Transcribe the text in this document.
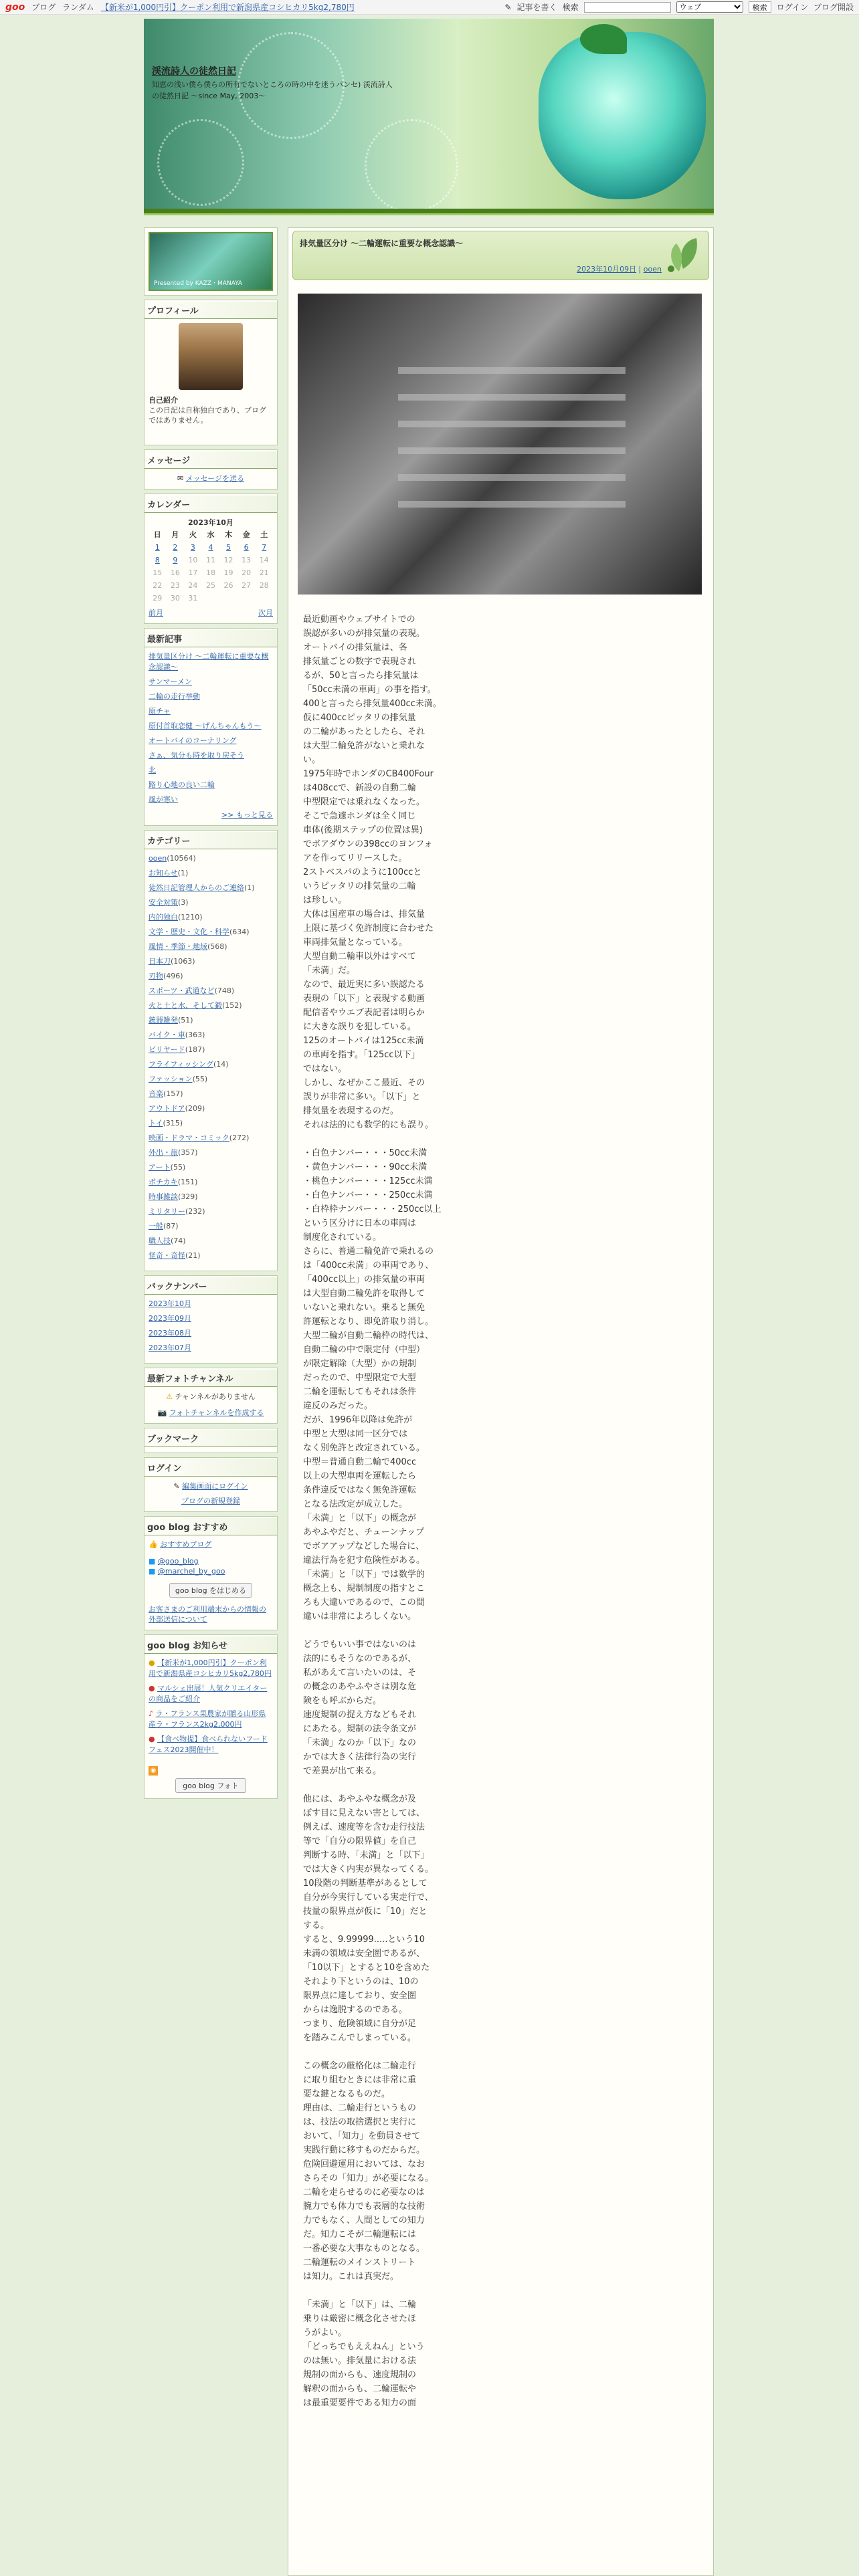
goo ブログ ランダム 【新米が1,000円引】クーポン利用で新潟県産コシヒカリ5kg2,780円	✎ 記事を書く 検索
ウェブ	検索	ログイン ブログ開設
渓流詩人の徒然日記
知恵の浅い僕ら僕らの所有でないところの時の中を迷うパンセ) 渓流詩人の徒然日記 〜since May, 2003〜
Presented by KAZZ・MANAYA
プロフィール
自己紹介
この日記は自称独白であり、ブログではありません。
メッセージ
✉ メッセージを送る
カレンダー
2023年10月
日	月	火	水	木	金	土
1	2	3	4	5	6	7
8	9	10	11	12	13	14
15	16	17	18	19	20	21
22	23	24	25	26	27	28
29	30	31				
前月	次月
最新記事
排気量区分け 〜二輪運転に重要な概念認識〜
サンマーメン
二輪の走行挙動
原チャ
原付首取恋健 〜げんちゃんもう〜
オートバイのコーナリング
さぁ、気分も時を取り戻そう
北
路り心地の良い二輪
風が寒い
>> もっと見る
カテゴリー
ooen(10564)
お知らせ(1)
徒然日記管理人からのご連絡(1)
安全対策(3)
内的独白(1210)
文学・歴史・文化・科学(634)
風情・季節・地域(568)
日本刀(1063)
刃物(496)
スポーツ・武道など(748)
火と土と水、そして鍛(152)
銃器雑発(51)
バイク・車(363)
ビリヤード(187)
フライフィッシング(14)
ファッション(55)
音楽(157)
アウトドア(209)
トイ(315)
映画・ドラマ・コミック(272)
外出・旅(357)
アート(55)
ボチカキ(151)
時事雑談(329)
ミリタリー(232)
一般(87)
職人技(74)
怪奇・奇怪(21)
バックナンバー
2023年10月
2023年09月
2023年08月
2023年07月
最新フォトチャンネル
⚠ チャンネルがありません
📷 フォトチャンネルを作成する
ブックマーク
ログイン
✎ 編集画面にログイン
ブログの新規登録
goo blog おすすめ
👍 おすすめブログ
■ @goo_blog
■ @marchel_by_goo
goo blog をはじめる
お客さまのご利用端末からの情報の外部送信について
goo blog お知らせ
● 【新米が1,000円引】クーポン利用で新潟県産コシヒカリ5kg2,780円
● マルシェ出展！人気クリエイターの商品をご紹介
♪ ラ・フランス果農家が贈る山形県産ラ・フランス2kg2,000円
● 【食べ物提】食べられないフードフェス2023開催中！
◉
goo blog フォト
排気量区分け 〜二輪運転に重要な概念認識〜
2023年10月09日 | ooen
最近動画やウェブサイトでの
誤認が多いのが排気量の表現。
オートバイの排気量は、各
排気量ごとの数字で表現され
るが、50と言ったら排気量は
「50cc未満の車両」の事を指す。
400と言ったら排気量400cc未満。
仮に400ccピッタリの排気量
の二輪があったとしたら、それ
は大型二輪免許がないと乗れな
い。
1975年時でホンダのCB400Four
は408ccで、新設の自動二輪
中型限定では乗れなくなった。
そこで急遽ホンダは全く同じ
車体(後期ステップの位置は異)
でボアダウンの398ccのヨンフォ
アを作ってリリースした。
2ストベスパのように100ccと
いうピッタリの排気量の二輪
は珍しい。
大体は国産車の場合は、排気量
上限に基づく免許制度に合わせた
車両排気量となっている。
大型自動二輪車以外はすべて
「未満」だ。
なので、最近実に多い誤認たる
表現の「以下」と表現する動画
配信者やウエブ表記者は明らか
に大きな誤りを犯している。
125のオートバイは125cc未満
の車両を指す。「125cc以下」
ではない。
しかし、なぜかここ最近、その
誤りが非常に多い。「以下」と
排気量を表現するのだ。
それは法的にも数学的にも誤り。

・白色ナンバー・・・50cc未満
・黄色ナンバー・・・90cc未満
・桃色ナンバー・・・125cc未満
・白色ナンバー・・・250cc未満
・白枠枠ナンバー・・・250cc以上
という区分けに日本の車両は
制度化されている。
さらに、普通二輪免許で乗れるの
は「400cc未満」の車両であり、
「400cc以上」の排気量の車両
は大型自動二輪免許を取得して
いないと乗れない。乗ると無免
許運転となり、即免許取り消し。
大型二輪が自動二輪枠の時代は、
自動二輪の中で限定付（中型）
が限定解除（大型）かの規制
だったので、中型限定で大型
二輪を運転してもそれは条件
違反のみだった。
だが、1996年以降は免許が
中型と大型は同一区分では
なく別免許と改定されている。
中型＝普通自動二輪で400cc
以上の大型車両を運転したら
条件違反ではなく無免許運転
となる法改定が成立した。
「未満」と「以下」の概念が
あやふやだと、チューンナップ
でボアアップなどした場合に、
違法行為を犯す危険性がある。
「未満」と「以下」では数学的
概念上も、規制制度の指すとこ
ろも大違いであるので、この間
違いは非常によろしくない。

どうでもいい事ではないのは
法的にもそうなのであるが、
私があえて言いたいのは、そ
の概念のあやふやさは別な危
険をも呼ぶからだ。
速度規制の捉え方などもそれ
にあたる。規制の法令条文が
「未満」なのか「以下」なの
かでは大きく法律行為の実行
で差異が出て来る。

他には、あやふやな概念が及
ぼす目に見えない害としては、
例えば、速度等を含む走行技法
等で「自分の限界値」を自己
判断する時、「未満」と「以下」
では大きく内実が異なってくる。
10段階の判断基準があるとして
自分が今実行している実走行で、
技量の限界点が仮に「10」だと
する。
すると、9.99999.....という10
未満の領域は安全圏であるが、
「10以下」とすると10を含めた
それより下というのは、10の
限界点に達しており、安全圏
からは逸脱するのである。
つまり、危険領域に自分が足
を踏みこんでしまっている。

この概念の厳格化は二輪走行
に取り組むときには非常に重
要な鍵となるものだ。
理由は、二輪走行というもの
は、技法の取捨選択と実行に
おいて、「知力」を動員させて
実践行動に移すものだからだ。
危険回避運用においては、なお
さらその「知力」が必要になる。
二輪を走らせるのに必要なのは
腕力でも体力でも表層的な技術
力でもなく、人間としての知力
だ。知力こそが二輪運転には
一番必要な大事なものとなる。
二輪運転のメインストリート
は知力。これは真実だ。

「未満」と「以下」は、二輪
乗りは厳密に概念化させたほ
うがよい。
「どっちでもええねん」という
のは無い。排気量における法
規制の面からも、速度規制の
解釈の面からも、二輪運転や
は最重要要件である知力の面
